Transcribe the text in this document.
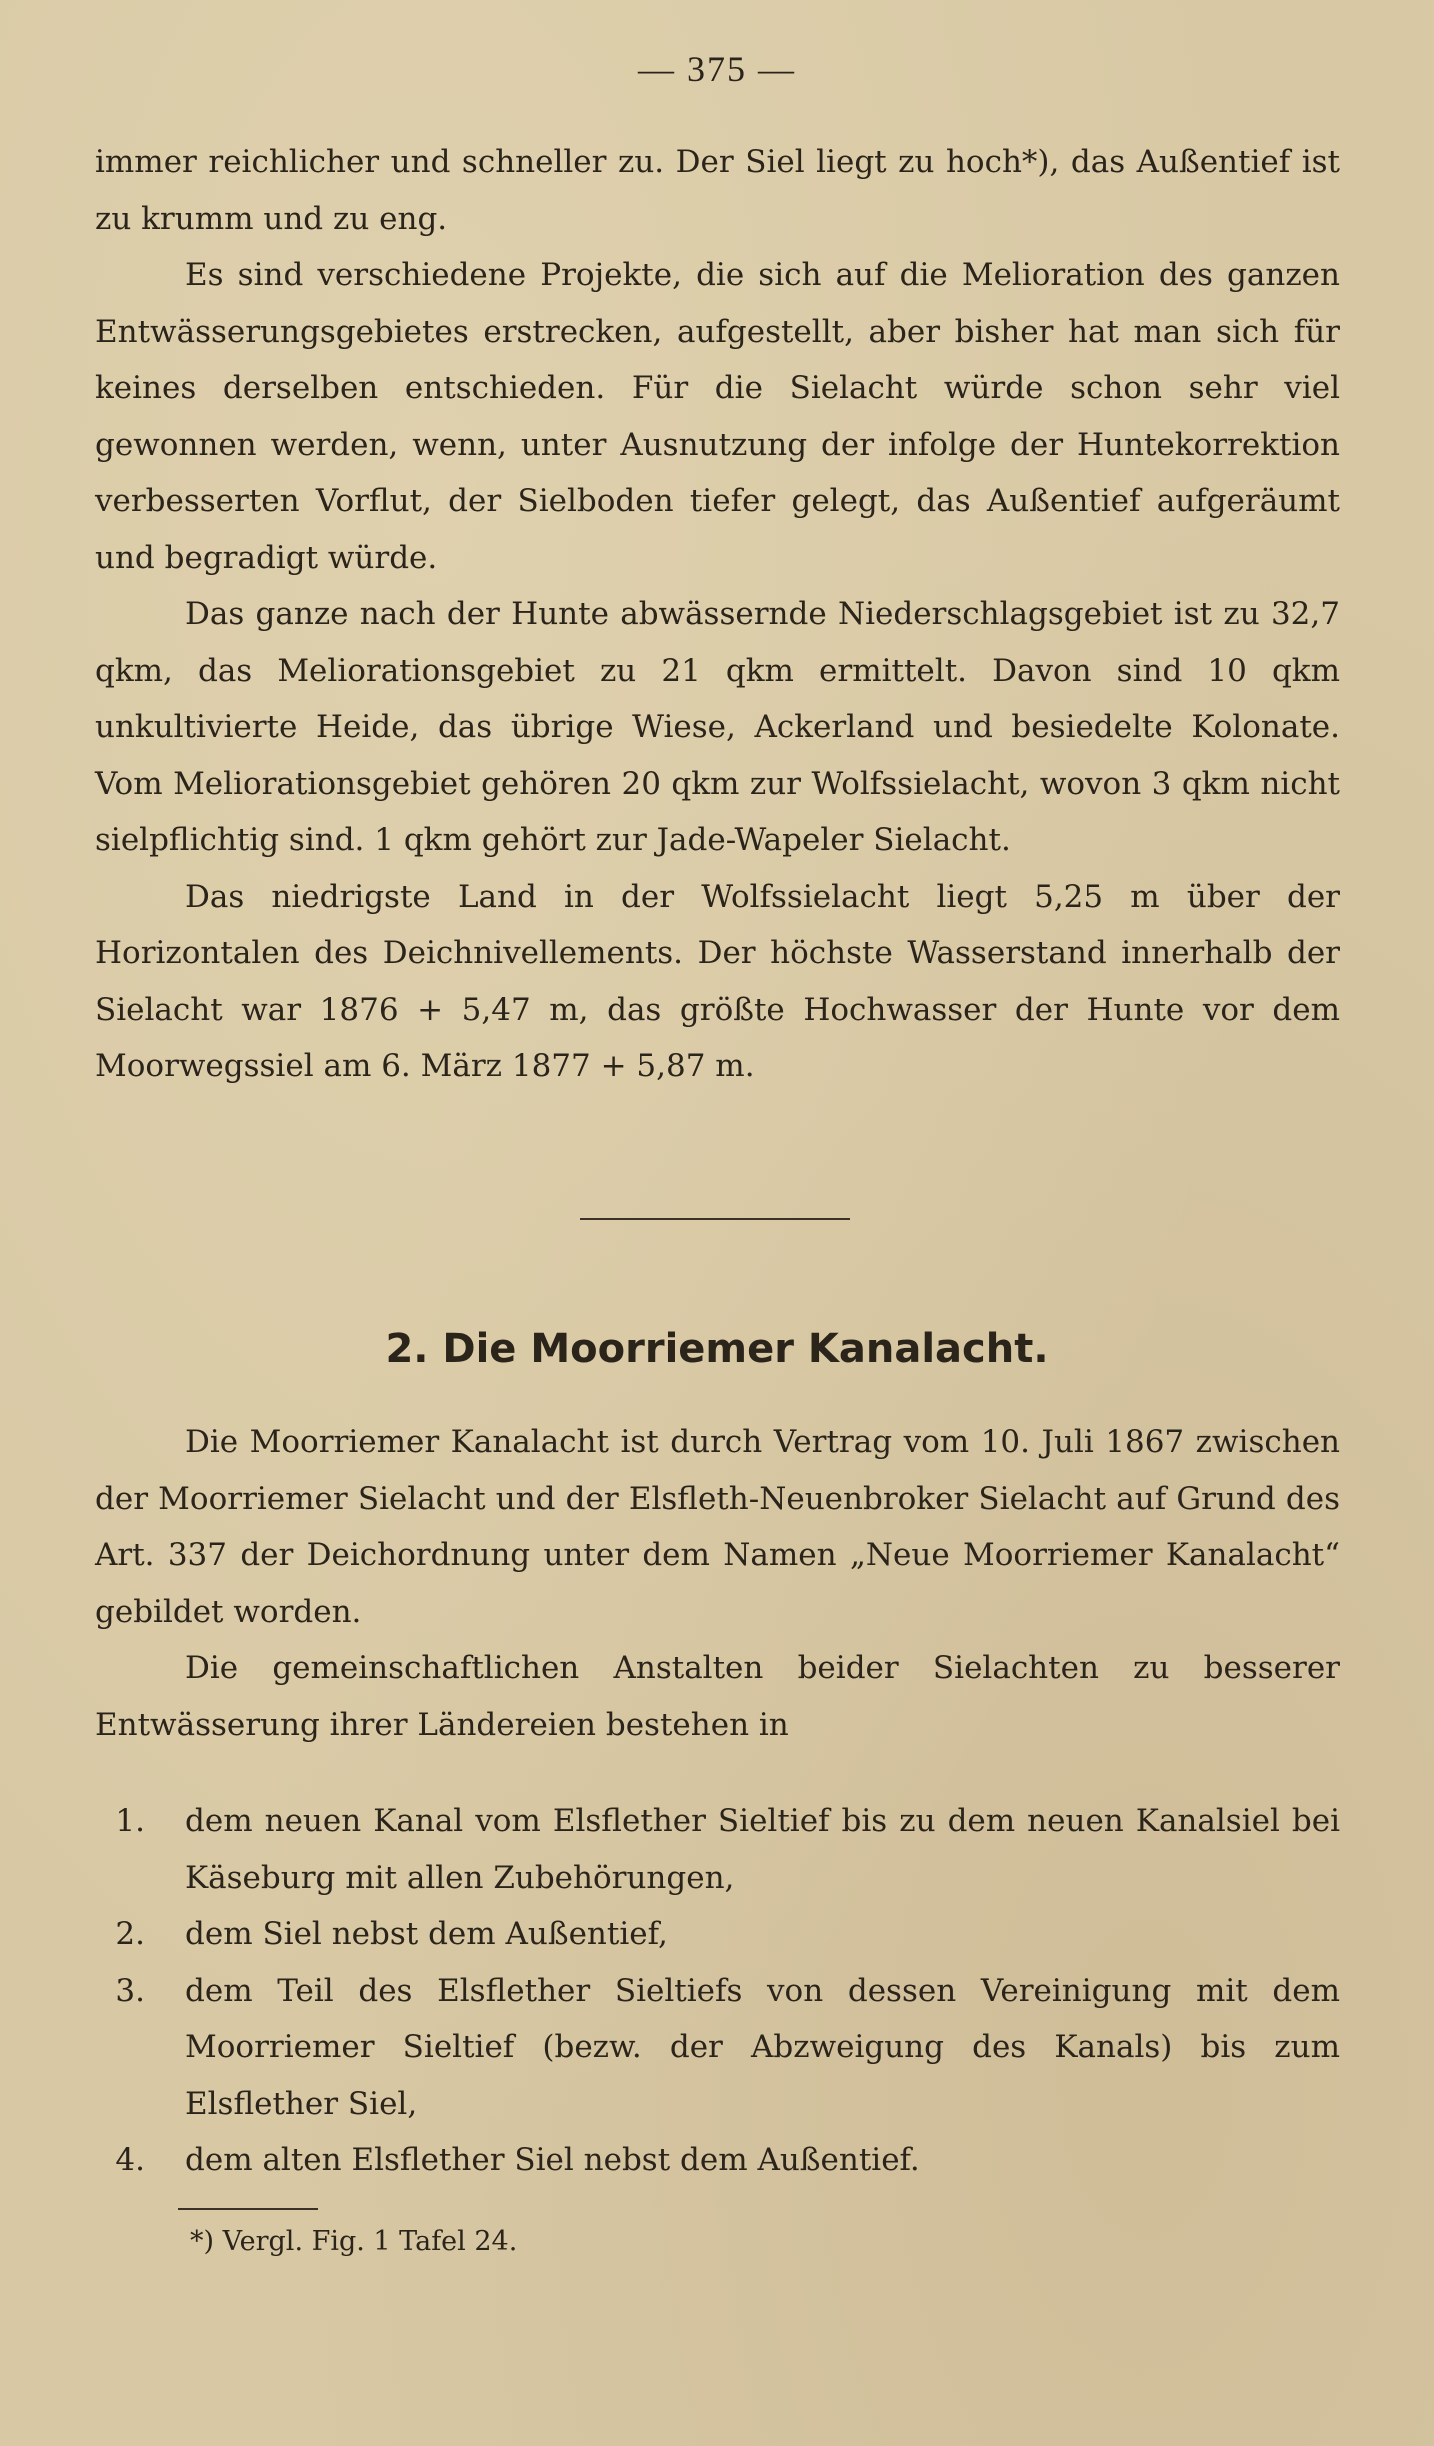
— 375 —

immer reichlicher und schneller zu. Der Siel liegt zu hoch*), das Außentief ist zu krumm und zu eng.

Es sind verschiedene Projekte, die sich auf die Melioration des ganzen Entwässerungsgebietes erstrecken, aufgestellt, aber bisher hat man sich für keines derselben entschieden. Für die Sielacht würde schon sehr viel gewonnen werden, wenn, unter Ausnutzung der infolge der Huntekorrektion verbesserten Vorflut, der Sielboden tiefer gelegt, das Außentief aufgeräumt und begradigt würde.

Das ganze nach der Hunte abwässernde Niederschlagsgebiet ist zu 32,7 qkm, das Meliorationsgebiet zu 21 qkm ermittelt. Davon sind 10 qkm unkultivierte Heide, das übrige Wiese, Ackerland und besiedelte Kolonate. Vom Meliorationsgebiet gehören 20 qkm zur Wolfssielacht, wovon 3 qkm nicht sielpflichtig sind. 1 qkm gehört zur Jade-Wapeler Sielacht.

Das niedrigste Land in der Wolfssielacht liegt 5,25 m über der Horizontalen des Deichnivellements. Der höchste Wasserstand innerhalb der Sielacht war 1876 + 5,47 m, das größte Hochwasser der Hunte vor dem Moorwegssiel am 6. März 1877 + 5,87 m.

2. Die Moorriemer Kanalacht.

Die Moorriemer Kanalacht ist durch Vertrag vom 10. Juli 1867 zwischen der Moorriemer Sielacht und der Elsfleth-Neuenbroker Sielacht auf Grund des Art. 337 der Deichordnung unter dem Namen „Neue Moorriemer Kanalacht“ gebildet worden.

Die gemeinschaftlichen Anstalten beider Sielachten zu besserer Entwässerung ihrer Ländereien bestehen in

1.	dem neuen Kanal vom Elsflether Sieltief bis zu dem neuen Kanalsiel bei Käseburg mit allen Zubehörungen,
2.	dem Siel nebst dem Außentief,
3.	dem Teil des Elsflether Sieltiefs von dessen Vereinigung mit dem Moorriemer Sieltief (bezw. der Abzweigung des Kanals) bis zum Elsflether Siel,
4.	dem alten Elsflether Siel nebst dem Außentief.
*) Vergl. Fig. 1 Tafel 24.
